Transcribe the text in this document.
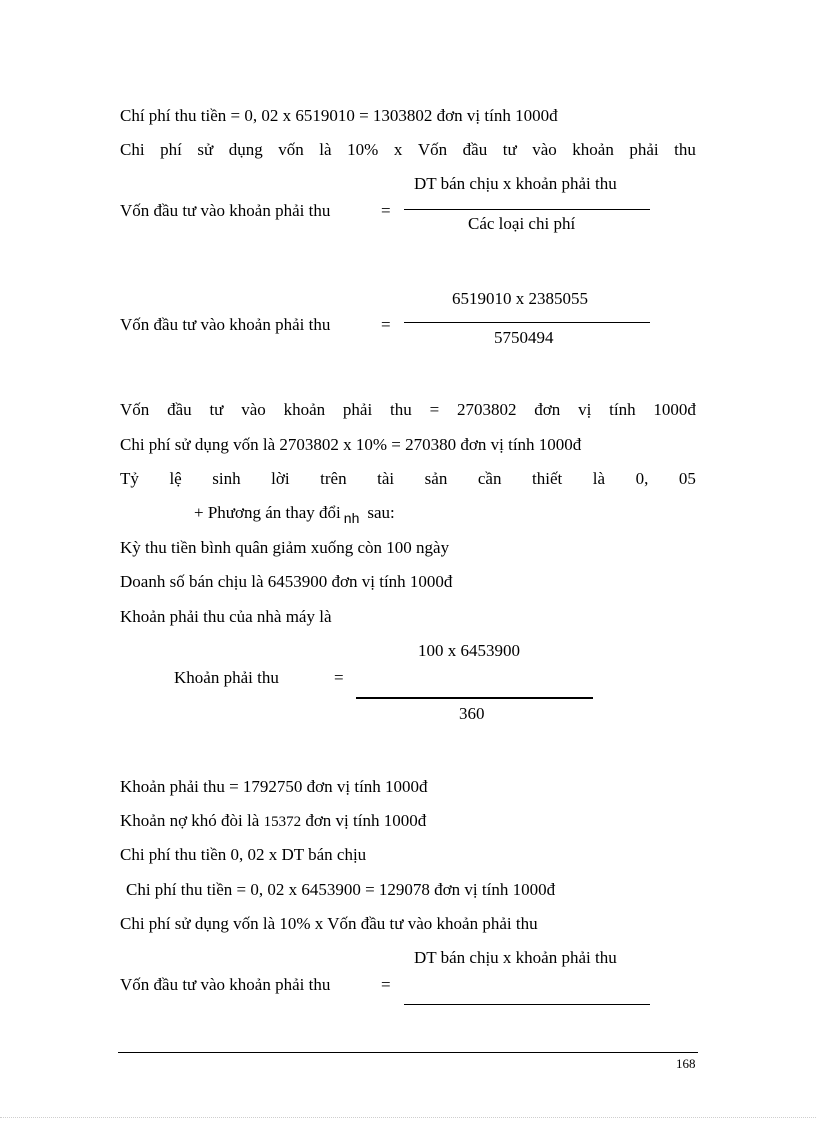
Chí phí thu tiền = 0, 02 x 6519010 = 1303802 đơn vị tính 1000đ
Chi phí sử dụng vốn là 10% x Vốn đầu tư vào khoản phải thu
DT bán chịu x khoản phải thu
Vốn đầu tư vào khoản phải thu	=
Các loại chi phí
6519010 x 2385055
Vốn đầu tư vào khoản phải thu	=
5750494
Vốn đầu tư vào khoản phải thu = 2703802 đơn vị tính 1000đ
Chi phí sử dụng vốn là 2703802 x 10% = 270380 đơn vị tính 1000đ
Tỷ lệ sinh lời trên tài sản cần thiết là 0, 05
+ Phương án thay đổi $_{nh}$ sau:
Kỳ thu tiền bình quân giảm xuống còn 100 ngày
Doanh số bán chịu là 6453900 đơn vị tính 1000đ
Khoản phải thu của nhà máy là
100 x 6453900
Khoản phải thu	=
360
Khoản phải thu = 1792750 đơn vị tính 1000đ
Khoản nợ khó đòi là 15372 đơn vị tính 1000đ
Chi phí thu tiền 0, 02 x DT bán chịu
Chi phí thu tiền = 0, 02 x 6453900 = 129078 đơn vị tính 1000đ
Chi phí sử dụng vốn là 10% x Vốn đầu tư vào khoản phải thu
DT bán chịu x khoản phải thu
Vốn đầu tư vào khoản phải thu	=
168
